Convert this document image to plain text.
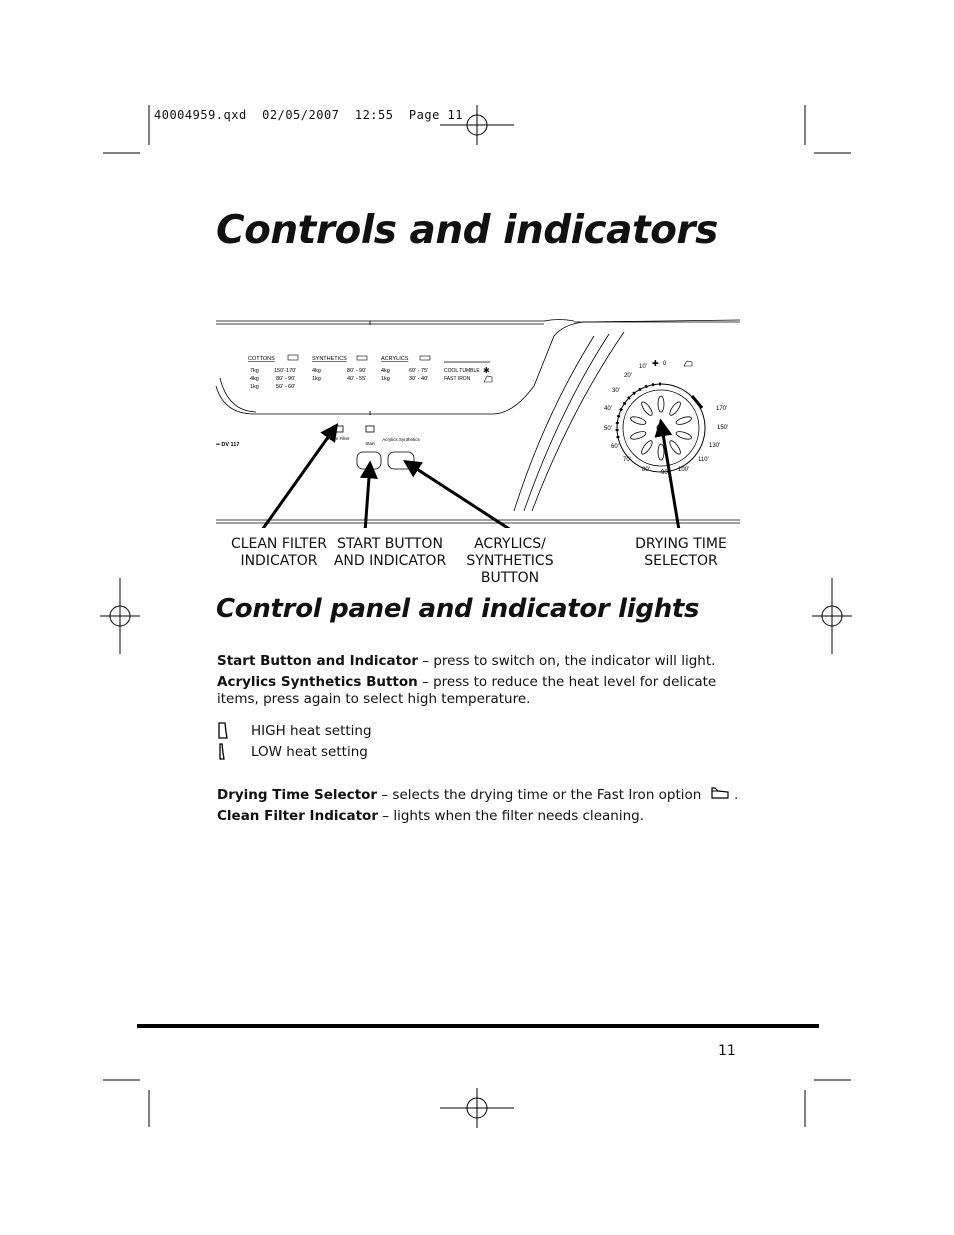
40004959.qxd  02/05/2007  12:55  Page 11
Controls and indicators
COTTONS
7kg	150'-170'
4kg	80' - 90'
1kg	50' - 60'
SYNTHETICS
4kg	80' - 90'
1kg	40' - 55'
ACRYLICS
4kg	60' - 75'
1kg	30' - 40'
COOL TUMBLE ✱
FAST IRON
•• DV 117
Clean Filter
Start
Acrylics Synthetics
10'	0
20'
30'
40'
50'
60'
70'
80' 90' 100'
110'
130'
150'
170'
✚
CLEAN FILTER
INDICATOR
START BUTTON
AND INDICATOR
ACRYLICS/
SYNTHETICS
BUTTON
DRYING TIME
SELECTOR
Control panel and indicator lights
Start Button and Indicator – press to switch on, the indicator will light.
Acrylics Synthetics Button – press to reduce the heat level for delicate items, press again to select high temperature.
HIGH heat setting
LOW heat setting
Drying Time Selector – selects the drying time or the Fast Iron option  .
Clean Filter Indicator – lights when the filter needs cleaning.
11
